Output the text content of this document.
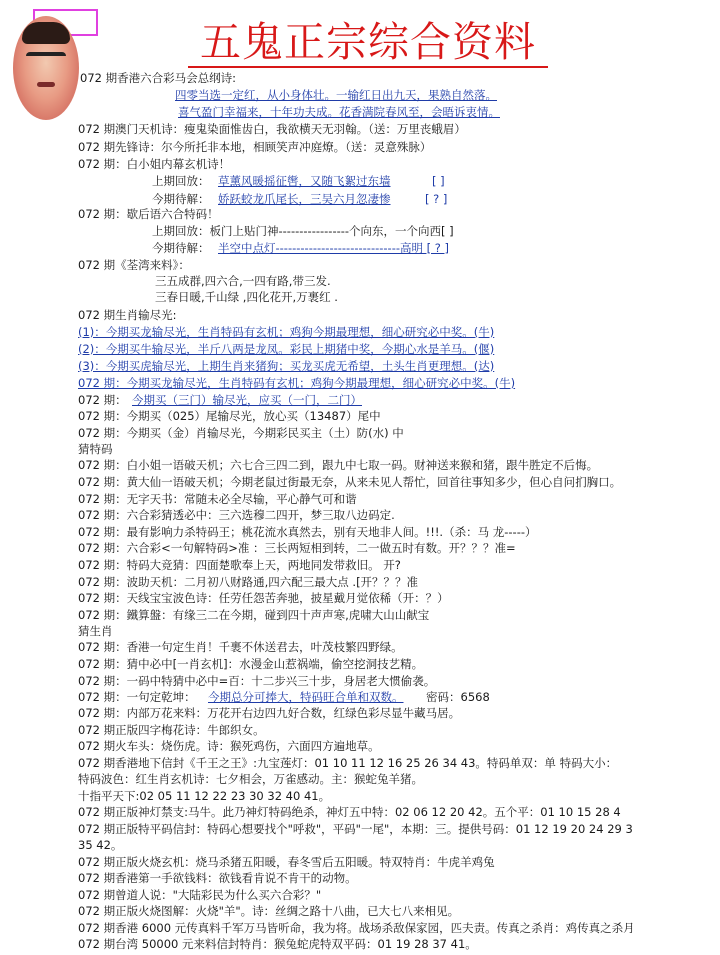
五鬼正宗综合资料
072 期香港六合彩马会总纲诗:
四零当选一定红，从小身体壮。一输红日出九天，果熟自然落。
喜气盈门幸福来，十年功夫成。花香满院春风至，会晤诉衷情。
072 期澳门天机诗：瘦鬼染面惟齿白，我欲横天无羽翰。（送：万里丧蛾眉）
072 期先锋诗：尔今所托非本地，相顾笑声冲庭燎。（送：灵意殊脉）
072 期：白小姐内幕玄机诗！
上期回放： 草薰风暖摇征辔，又随飞絮过东墙	[ ]
今期待解： 娇跃蛟龙爪尾长，三吴六月忽凄惨	[ ? ]
072 期：歇后语六合特码！
上期回放：板门上贴门神-----------------个向东，一个向西[ ]
今期待解： 半空中点灯------------------------------高明 [ ? ]
072 期《荃湾来料》：
三五成群,四六合,一四有路,带三发.
三春日暖,千山绿 ,四化花开,万裹红 .
072 期生肖输尽光:
(1)：今期买龙输尽光，生肖特码有玄机；鸡狗今期最理想，细心研究必中奖。(牛)
(2)：今期买牛输尽光，半斤八两是龙凤。彩民上期猪中奖，今期心水是羊马。(偃)
(3)：今期买虎输尽光，上期生肖来猪狗；买龙买虎无希望，土头生肖更理想。(达)
072 期：今期买龙输尽光，生肖特码有玄机；鸡狗今期最理想，细心研究必中奖。(牛)
072 期： 今期买（三门）输尽光，应买（一门，二门）
072 期：今期买（025）尾输尽光，放心买（13487）尾中
072 期：今期买（金）肖输尽光，今期彩民买主（土）防(水) 中
猜特码
072 期：白小姐一语破天机；六七合三四二到，跟九中七取一码。财神送来猴和猪，跟牛胜定不后悔。
072 期：黄大仙一语破天机；今期老鼠过街最无奈，从来未见人帮忙，回首往事知多少，但心自问扪胸口。
072 期：无字天书：常随未必全尽输，平心静气可和谐
072 期：六合彩猜透必中：三六选穆二四开，梦三取八边码定.
072 期：最有影响力杀特码王；桃花流水真然去，别有天地非人间。!!!.（杀：马 龙-----）
072 期：六合彩<一句解特码>准 ：三长两短相到转，二一做五时有数。开？？？准=
072 期：特码大竞猜：四面楚歌奉上天，两地同发带救旧。 开?
072 期：波助天机：二月初八财路通,四六配三最大点 .[开？？？准
072 期：天线宝宝波色诗：任劳任怨苦奔驰，披星戴月觉依稀（开：？）
072 期：鐵算盤：有缘三二在今期，碰到四十声声寒,虎啸大山山献宝
猜生肖
072 期：香港一句定生肖！千裹不休送君去，叶茂枝繁四野绿。
072 期：猜中必中[一肖玄机]：水漫金山惹祸端，偷空挖洞技艺精。
072 期：一码中特猜中必中=百：十二步兴三十步，身居老大惯偷袭。
072 期：一句定乾坤： 今期总分可捧大，特码旺合单和双数。 密码：6568
072 期：内部万花来料：万花开右边四九好合数，红绿色彩尽显牛藏马居。
072 期正版四字梅花诗：牛郎织女。
072 期火车头：烧伤虎。诗：猴死鸡伤，六面四方遍地草。
072 期香港地下信封《千王之王》:九宝莲灯：01 10 11 12 16 25 26 34 43。特码单双：单 特码大小：
特码波色：红生肖玄机诗：七夕相会，万雀感动。主：猴蛇兔羊猪。
十指平天下:02 05 11 12 22 23 30 32 40 41。
072 期正版神灯禁支:马牛。此乃神灯特码绝杀，神灯五中特：02 06 12 20 42。五个平：01 10 15 28 4
072 期正版特平码信封：特码心想要找个"呼救"，平码"一尾"，本期：三。提供号码：01 12 19 20 24 29 3
35 42。
072 期正版火烧玄机：烧马杀猪五阳暖，春冬雪后五阳暖。特双特肖：牛虎羊鸡兔
072 期香港第一手欲钱料：欲钱看肯说不肯干的动物。
072 期曾道人说："大陆彩民为什么买六合彩？"
072 期正版火烧图解：火烧"羊"。诗：丝绸之路十八曲，已大七八来相见。
072 期香港 6000 元传真料千军万马皆听命，我为将。战场杀敌保家园，匹夫责。传真之杀肖：鸡传真之杀月
072 期台湾 50000 元来料信封特肖：猴兔蛇虎特双平码：01 19 28 37 41。
